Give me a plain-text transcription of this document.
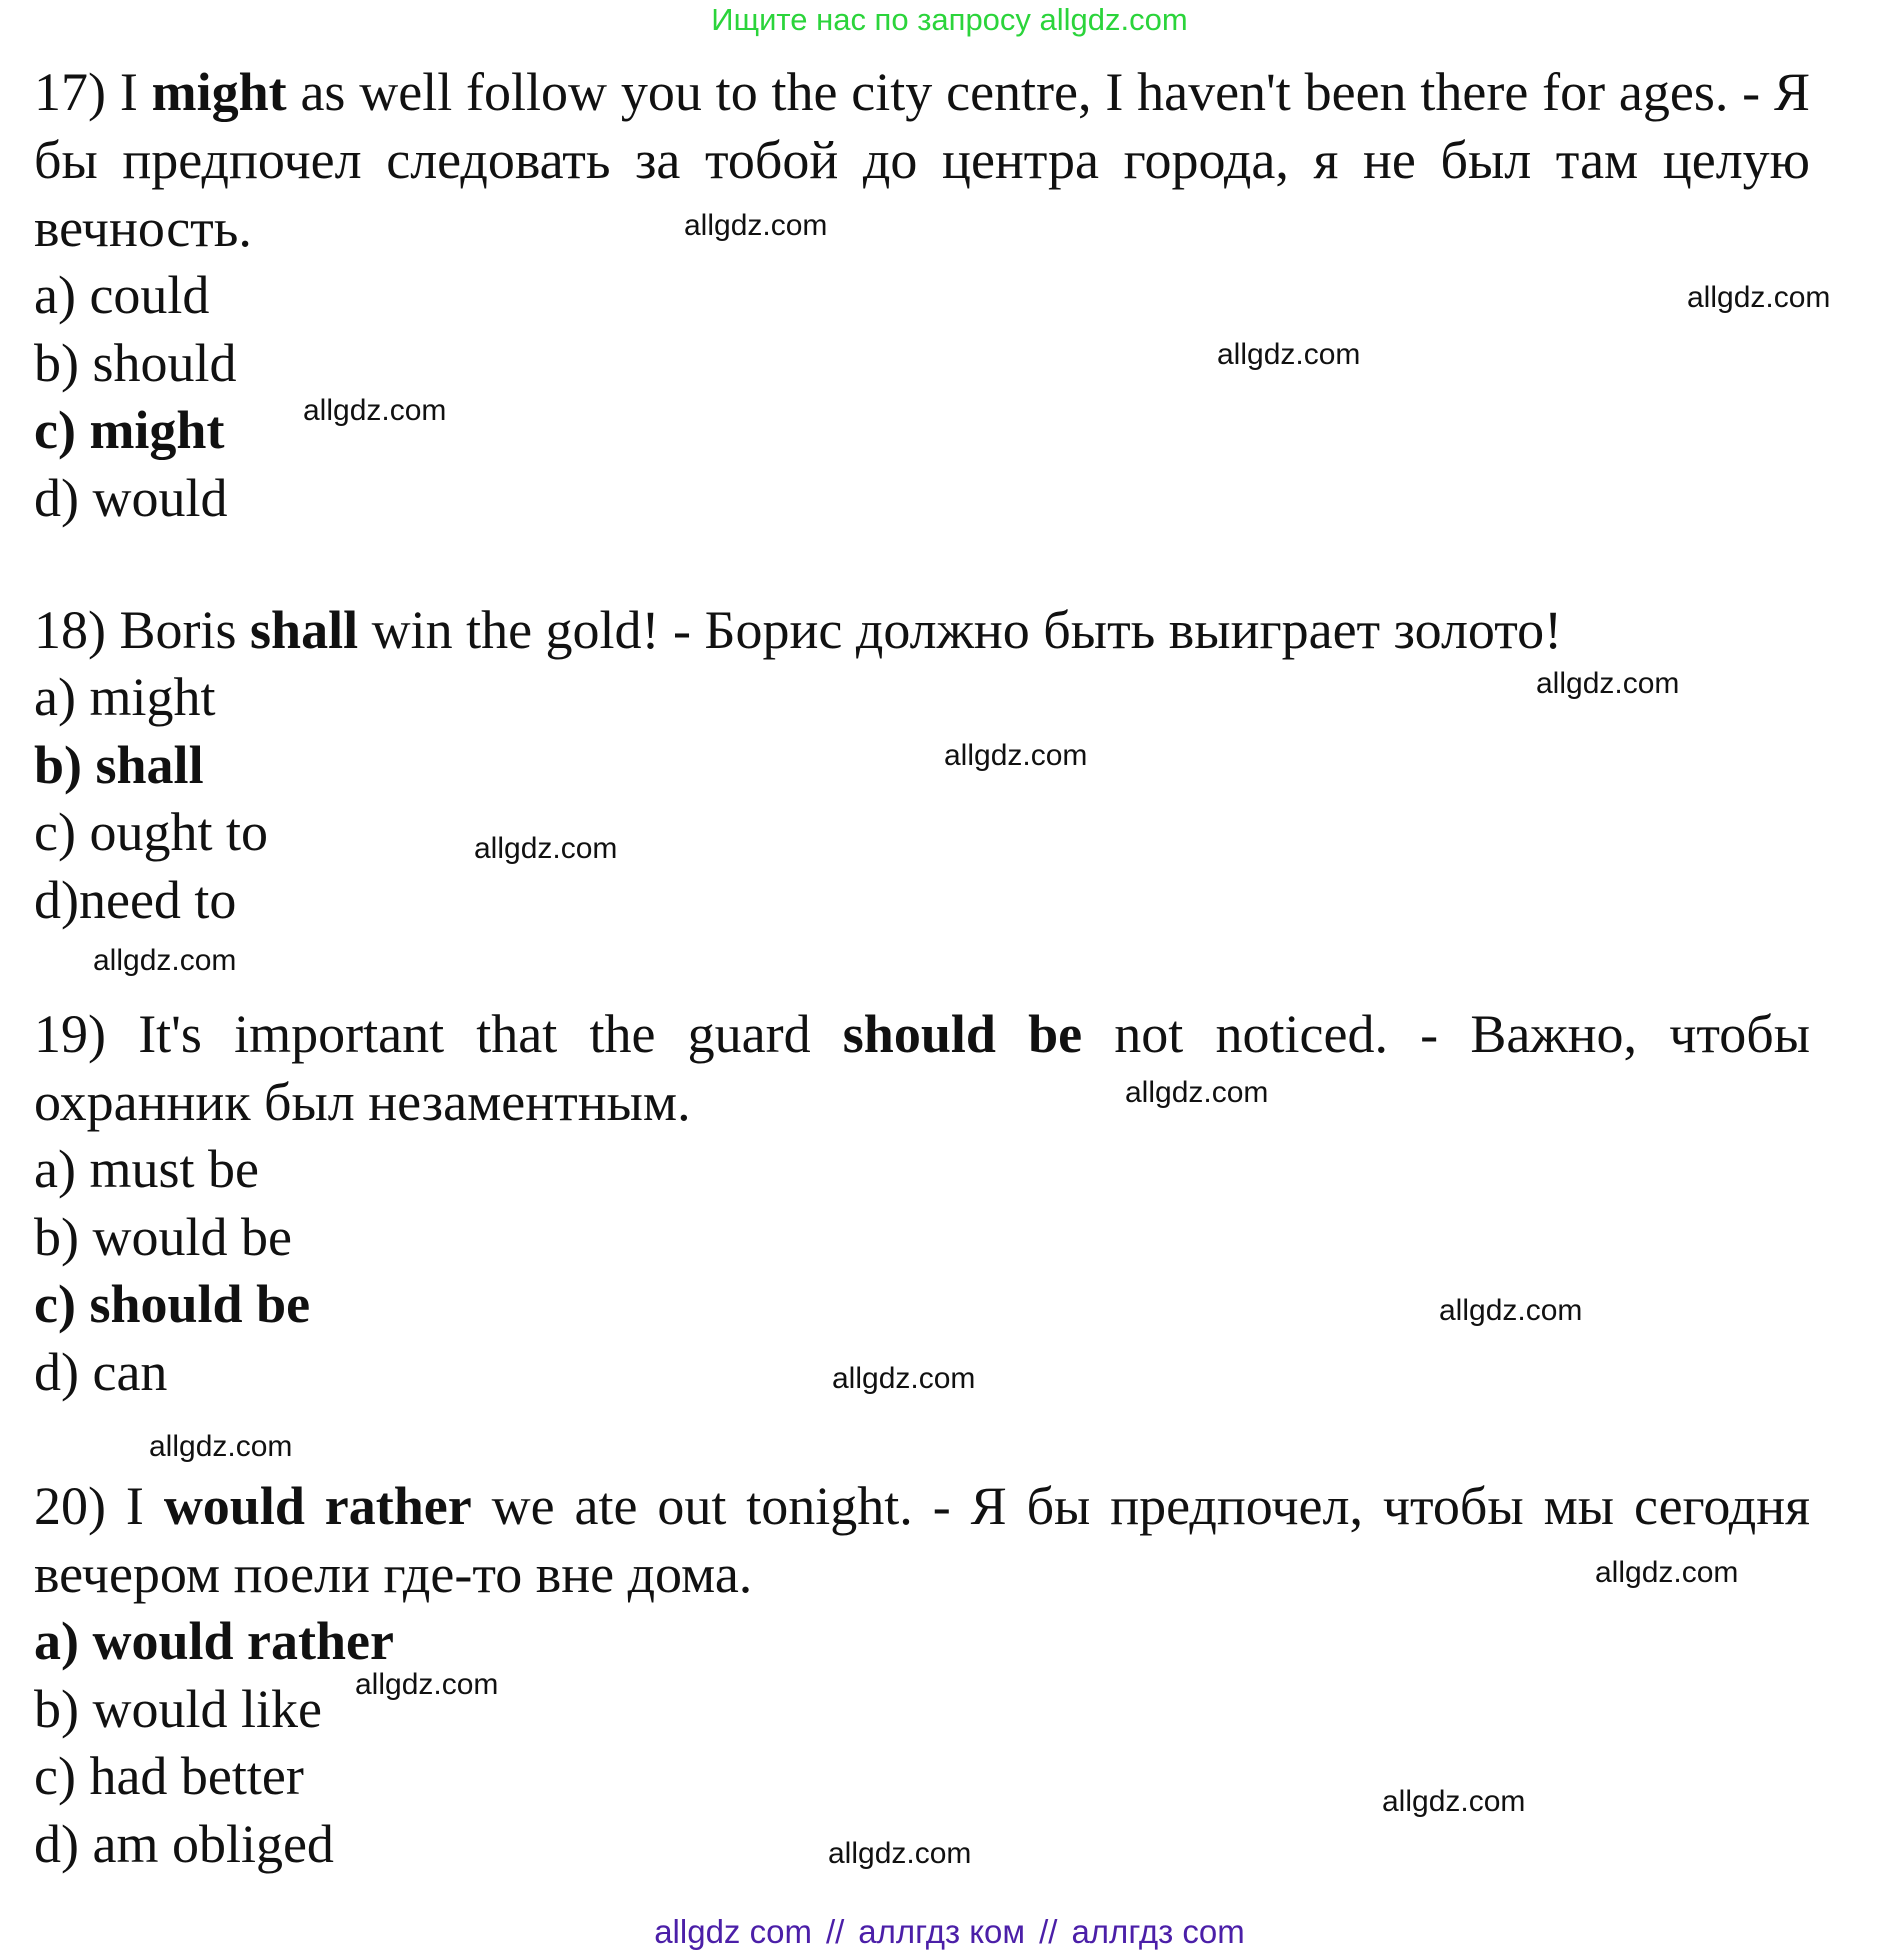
Ищите нас по запросу allgdz.com
17) I might as well follow you to the city centre, I haven't been there for ages. - Я бы предпочел следовать за тобой до центра города, я не был там целую вечность.
a) could
b) should
c) might
d) would
18) Boris shall win the gold! - Борис должно быть выиграет золото!
a) might
b) shall
c) ought to
d)need to
19) It's important that the guard should be not noticed. - Важно, чтобы охранник был незаментным.
a) must be
b) would be
c) should be
d) can
20) I would rather we ate out tonight. - Я бы предпочел, чтобы мы сегодня вечером поели где-то вне дома.
a) would rather
b) would like
c) had better
d) am obliged
allgdz.com
allgdz.com
allgdz.com
allgdz.com
allgdz.com
allgdz.com
allgdz.com
allgdz.com
allgdz.com
allgdz.com
allgdz.com
allgdz.com
allgdz.com
allgdz.com
allgdz.com
allgdz.com
allgdz com // аллгдз ком // аллгдз com
